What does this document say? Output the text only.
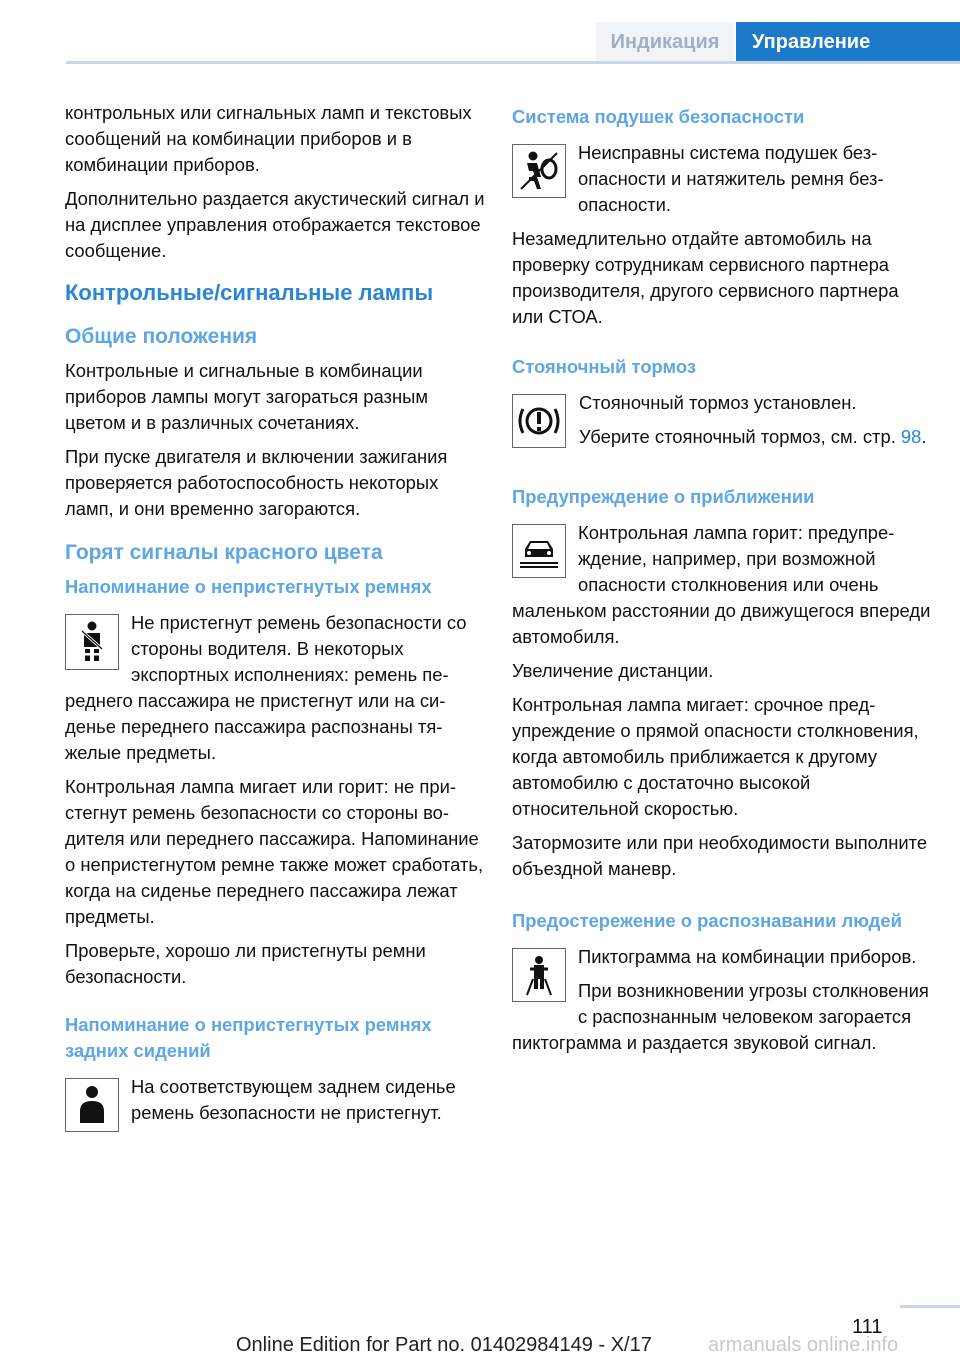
Индикация	Управление

контрольных или сигнальных ламп и текстовых сообщений на комбинации приборов и в комбинации приборов.

Дополнительно раздается акустический сигнал и на дисплее управления отображается текстовое сообщение.

Контрольные/сигнальные лампы
Общие положения

Контрольные и сигнальные в комбинации приборов лампы могут загораться разным цветом и в различных сочетаниях.

При пуске двигателя и включении зажигания проверяется работоспособность некоторых ламп, и они временно загораются.

Горят сигналы красного цвета
Напоминание о непристегнутых ремнях

Не пристегнут ремень безопасности со стороны водителя. В некоторых экспортных исполнениях: ремень переднего пассажира не пристегнут или на сиденье переднего пассажира распознаны тяжелые предметы.

Контрольная лампа мигает или горит: не пристегнут ремень безопасности со стороны водителя или переднего пассажира. Напоминание о непристегнутом ремне также может сработать, когда на сиденье переднего пассажира лежат предметы.

Проверьте, хорошо ли пристегнуты ремни безопасности.

Напоминание о непристегнутых ремнях задних сидений

На соответствующем заднем сиденье ремень безопасности не пристегнут.

Система подушек безопасности

Неисправны система подушек безопасности и натяжитель ремня безопасности.

Незамедлительно отдайте автомобиль на проверку сотрудникам сервисного партнера производителя, другого сервисного партнера или СТОА.

Стояночный тормоз

Стояночный тормоз установлен.

Уберите стояночный тормоз, см. стр. 98.

Предупреждение о приближении

Контрольная лампа горит: предупреждение, например, при возможной опасности столкновения или очень маленьком расстоянии до движущегося впереди автомобиля.

Увеличение дистанции.

Контрольная лампа мигает: срочное предупреждение о прямой опасности столкновения, когда автомобиль приближается к другому автомобилю с достаточно высокой относительной скоростью.

Затормозите или при необходимости выполните объездной маневр.

Предостережение о распознавании людей

Пиктограмма на комбинации приборов.

При возникновении угрозы столкновения с распознанным человеком загорается пиктограмма и раздается звуковой сигнал.

111
Online Edition for Part no. 01402984149 - X/17	armanuals online.info
